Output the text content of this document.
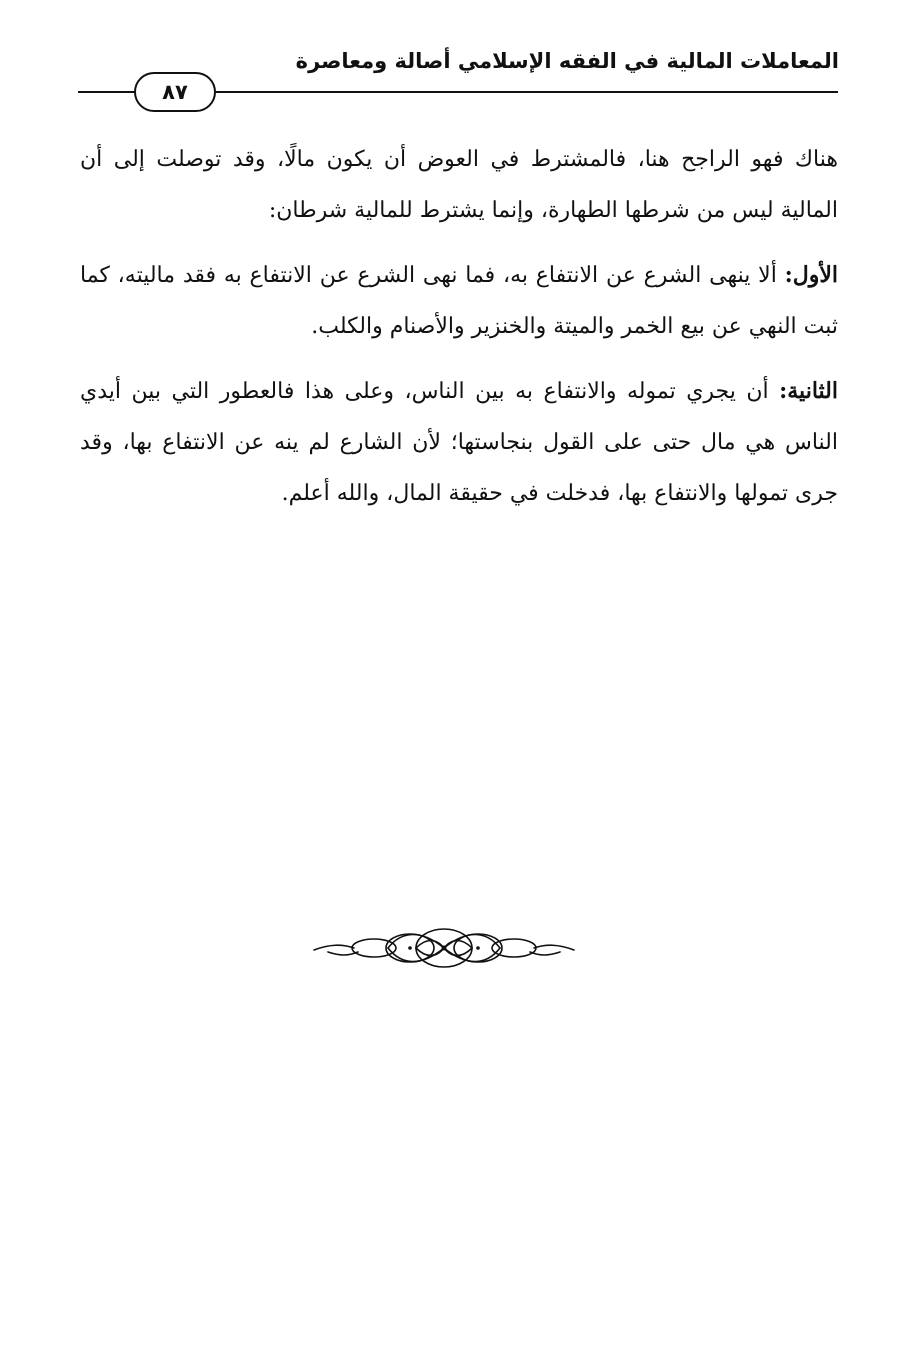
المعاملات المالية في الفقه الإسلامي أصالة ومعاصرة
٨٧

هناك فهو الراجح هنا، فالمشترط في العوض أن يكون مالًا، وقد توصلت إلى أن المالية ليس من شرطها الطهارة، وإنما يشترط للمالية شرطان:

الأول: ألا ينهى الشرع عن الانتفاع به، فما نهى الشرع عن الانتفاع به فقد ماليته، كما ثبت النهي عن بيع الخمر والميتة والخنزير والأصنام والكلب.

الثانية: أن يجري تموله والانتفاع به بين الناس، وعلى هذا فالعطور التي بين أيدي الناس هي مال حتى على القول بنجاستها؛ لأن الشارع لم ينه عن الانتفاع بها، وقد جرى تمولها والانتفاع بها، فدخلت في حقيقة المال، والله أعلم.
